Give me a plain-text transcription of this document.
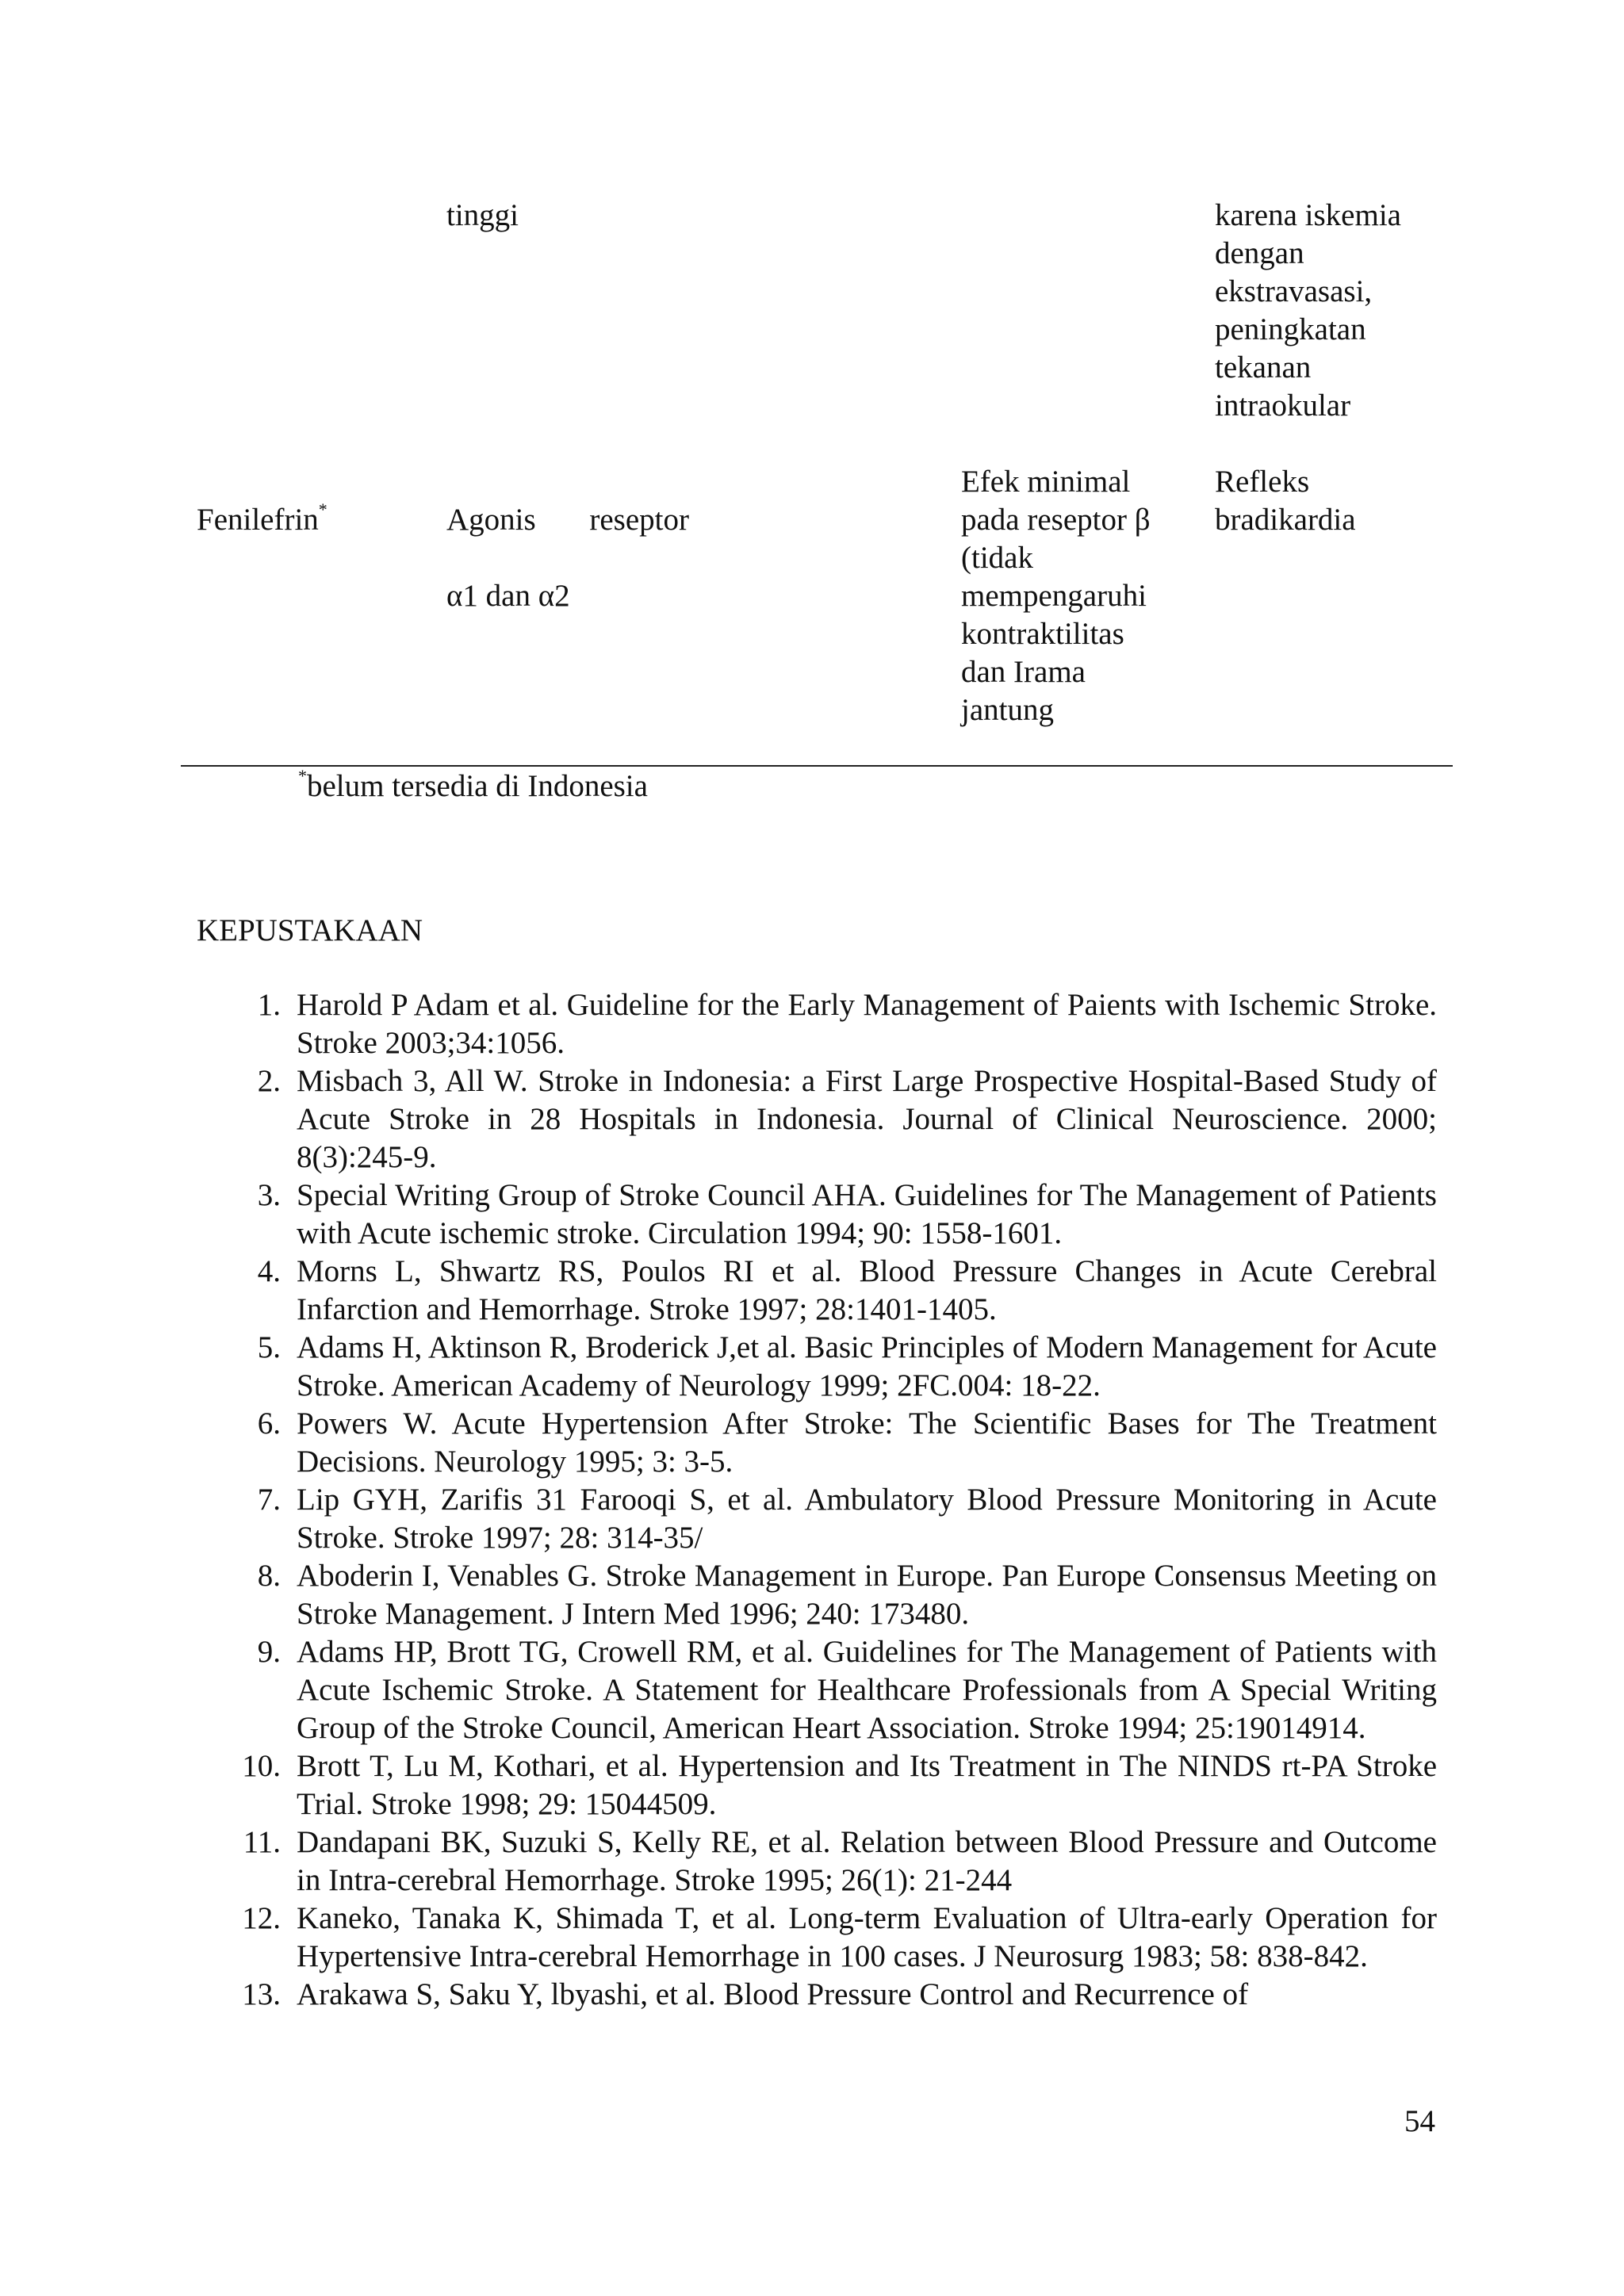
tinggi	karena iskemia
dengan
ekstravasasi,
peningkatan
tekanan
intraokular

Fenilefrin*	Agonis reseptor

α1 dan α2

Efek minimal
pada reseptor β
(tidak
mempengaruhi
kontraktilitas
dan Irama
jantung
Refleks
bradikardia
*belum tersedia di Indonesia
KEPUSTAKAAN
1. Harold P Adam et al. Guideline for the Early Management of Paients with Ischemic Stroke. Stroke 2003;34:1056.
2. Misbach 3, All W. Stroke in Indonesia: a First Large Prospective Hospital-Based Study of Acute Stroke in 28 Hospitals in Indonesia. Journal of Clinical Neuroscience. 2000; 8(3):245-9.
3. Special Writing Group of Stroke Council AHA. Guidelines for The Management of Patients with Acute ischemic stroke. Circulation 1994; 90: 1558-1601.
4. Morns L, Shwartz RS, Poulos RI et al. Blood Pressure Changes in Acute Cerebral Infarction and Hemorrhage. Stroke 1997; 28:1401-1405.
5. Adams H, Aktinson R, Broderick J,et al. Basic Principles of Modern Management for Acute Stroke. American Academy of Neurology 1999; 2FC.004: 18-22.
6. Powers W. Acute Hypertension After Stroke: The Scientific Bases for The Treatment Decisions. Neurology 1995; 3: 3-5.
7. Lip GYH, Zarifis 31 Farooqi S, et al. Ambulatory Blood Pressure Monitoring in Acute Stroke. Stroke 1997; 28: 314-35/
8. Aboderin I, Venables G. Stroke Management in Europe. Pan Europe Consensus Meeting on Stroke Management. J Intern Med 1996; 240: 173480.
9. Adams HP, Brott TG, Crowell RM, et al. Guidelines for The Management of Patients with Acute Ischemic Stroke. A Statement for Healthcare Professionals from A Special Writing Group of the Stroke Council, American Heart Association. Stroke 1994; 25:19014914.
10. Brott T, Lu M, Kothari, et al. Hypertension and Its Treatment in The NINDS rt-PA Stroke Trial. Stroke 1998; 29: 15044509.
11. Dandapani BK, Suzuki S, Kelly RE, et al. Relation between Blood Pressure and Outcome in Intra-cerebral Hemorrhage. Stroke 1995; 26(1): 21-244
12. Kaneko, Tanaka K, Shimada T, et al. Long-term Evaluation of Ultra-early Operation for Hypertensive Intra-cerebral Hemorrhage in 100 cases. J Neurosurg 1983; 58: 838-842.
13. Arakawa S, Saku Y, lbyashi, et al. Blood Pressure Control and Recurrence of
54
